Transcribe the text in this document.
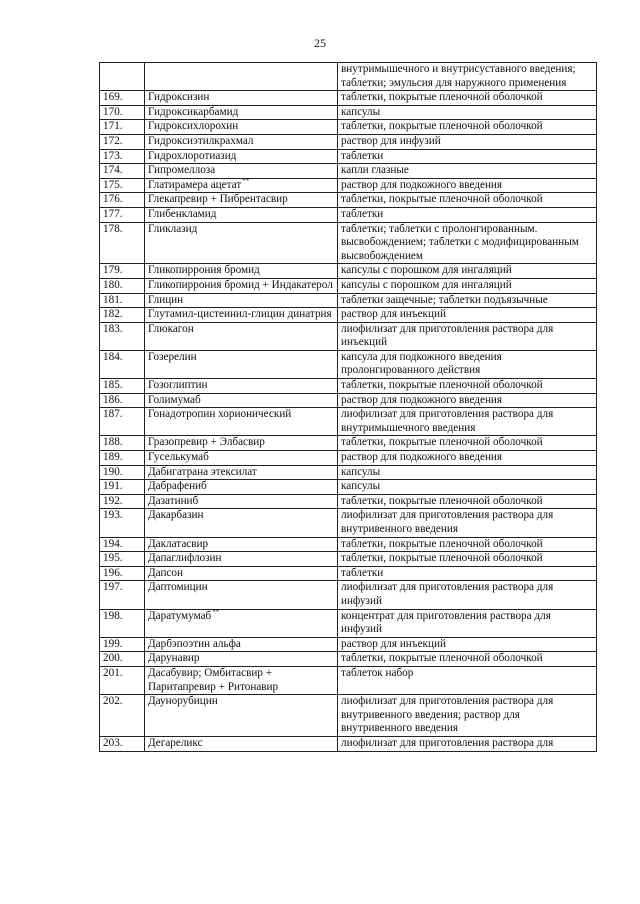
25
		внутримышечного и внутрисуставного введения; таблетки; эмульсия для наружного применения
169.	Гидроксизин	таблетки, покрытые пленочной оболочкой
170.	Гидроксикарбамид	капсулы
171.	Гидроксихлорохин	таблетки, покрытые пленочной оболочкой
172.	Гидроксиэтилкрахмал	раствор для инфузий
173.	Гидрохлоротиазид	таблетки
174.	Гипромеллоза	капли глазные
175.	Глатирамера ацетат**	раствор для подкожного введения
176.	Глекапревир + Пибрентасвир	таблетки, покрытые пленочной оболочкой
177.	Глибенкламид	таблетки
178.	Гликлазид	таблетки; таблетки с пролонгированным. высвобождением; таблетки с модифицированным высвобождением
179.	Гликопиррония бромид	капсулы с порошком для ингаляций
180.	Гликопиррония бромид + Индакатерол	капсулы с порошком для ингаляций
181.	Глицин	таблетки защечные; таблетки подъязычные
182.	Глутамил-цистеинил-глицин динатрия	раствор для инъекций
183.	Глюкагон	лиофилизат для приготовления раствора для инъекций
184.	Гозерелин	капсула для подкожного введения пролонгированного действия
185.	Гозоглиптин	таблетки, покрытые пленочной оболочкой
186.	Голимумаб	раствор для подкожного введения
187.	Гонадотропин хорионический	лиофилизат для приготовления раствора для внутримышечного введения
188.	Гразопревир + Элбасвир	таблетки, покрытые пленочной оболочкой
189.	Гуселькумаб	раствор для подкожного введения
190.	Дабигатрана этексилат	капсулы
191.	Дабрафениб	капсулы
192.	Дазатиниб	таблетки, покрытые пленочной оболочкой
193.	Дакарбазин	лиофилизат для приготовления раствора для внутривенного введения
194.	Даклатасвир	таблетки, покрытые пленочной оболочкой
195.	Дапаглифлозин	таблетки, покрытые пленочной оболочкой
196.	Дапсон	таблетки
197.	Даптомицин	лиофилизат для приготовления раствора для инфузий
198.	Даратумумаб**	концентрат для приготовления раствора для инфузий
199.	Дарбэпоэтин альфа	раствор для инъекций
200.	Дарунавир	таблетки, покрытые пленочной оболочкой
201.	Дасабувир; Омбитасвир + Паритапревир + Ритонавир	таблеток набор
202.	Даунорубицин	лиофилизат для приготовления раствора для внутривенного введения; раствор для внутривенного введения
203.	Дегареликс	лиофилизат для приготовления раствора для
